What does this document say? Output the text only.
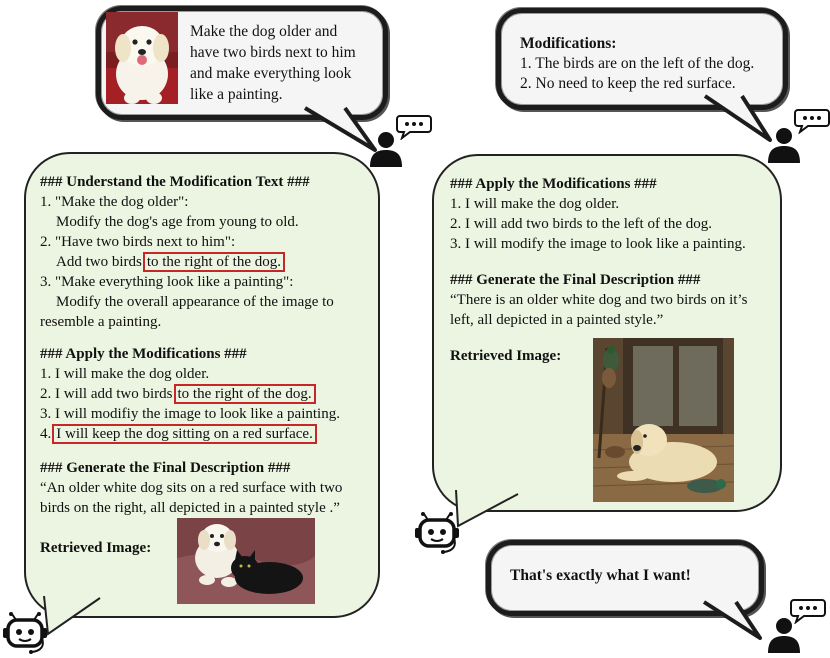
Make the dog older and
have two birds next to him
and make everything look
like a painting.
### Understand the Modification Text ###
1. "Make the dog older":
Modify the dog's age from young to old.
2. "Have two birds next to him":
Add two birds to the right of the dog.
3. "Make everything look like a painting":
Modify the overall appearance of the image to
resemble a painting.
### Apply the Modifications ###
1. I will make the dog older.
2. I will add two birds to the right of the dog.
3. I will modifiy the image to look like a painting.
4. I will keep the dog sitting on a red surface.
### Generate the Final Description ###
“An older white dog sits on a red surface with two
birds on the right, all depicted in a painted style .”
Retrieved Image:
Modifications:
1. The birds are on the left of the dog.
2. No need to keep the red surface.
### Apply the Modifications ###
1. I will make the dog older.
2. I will add two birds to the left of the dog.
3. I will modify the image to look like a painting.
### Generate the Final Description ###
“There is an older white dog and two birds on it’s
left, all depicted in a painted style.”
Retrieved Image:
That's exactly what I want!
